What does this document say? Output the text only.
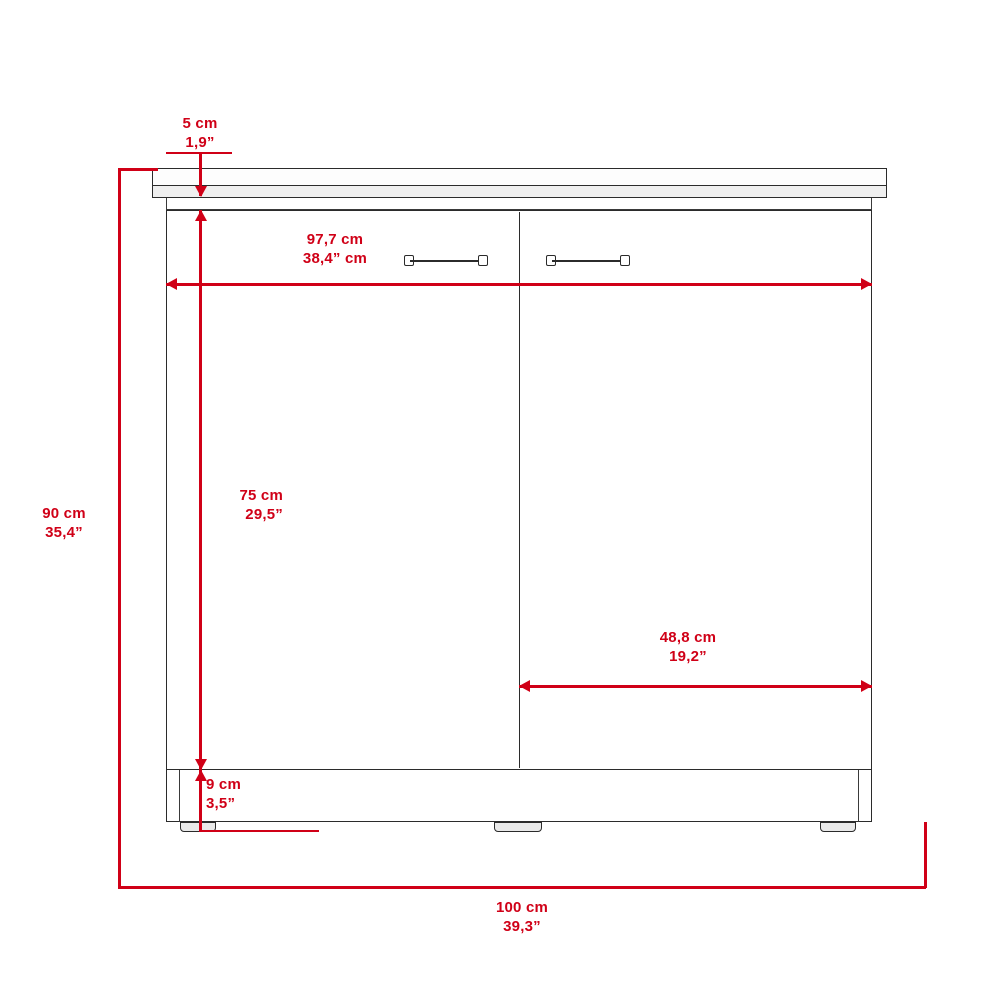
90 cm
35,4”
100 cm
39,3”
5 cm
1,9”
97,7 cm
38,4” cm
75 cm
29,5”
48,8 cm
19,2”
9 cm
3,5”
